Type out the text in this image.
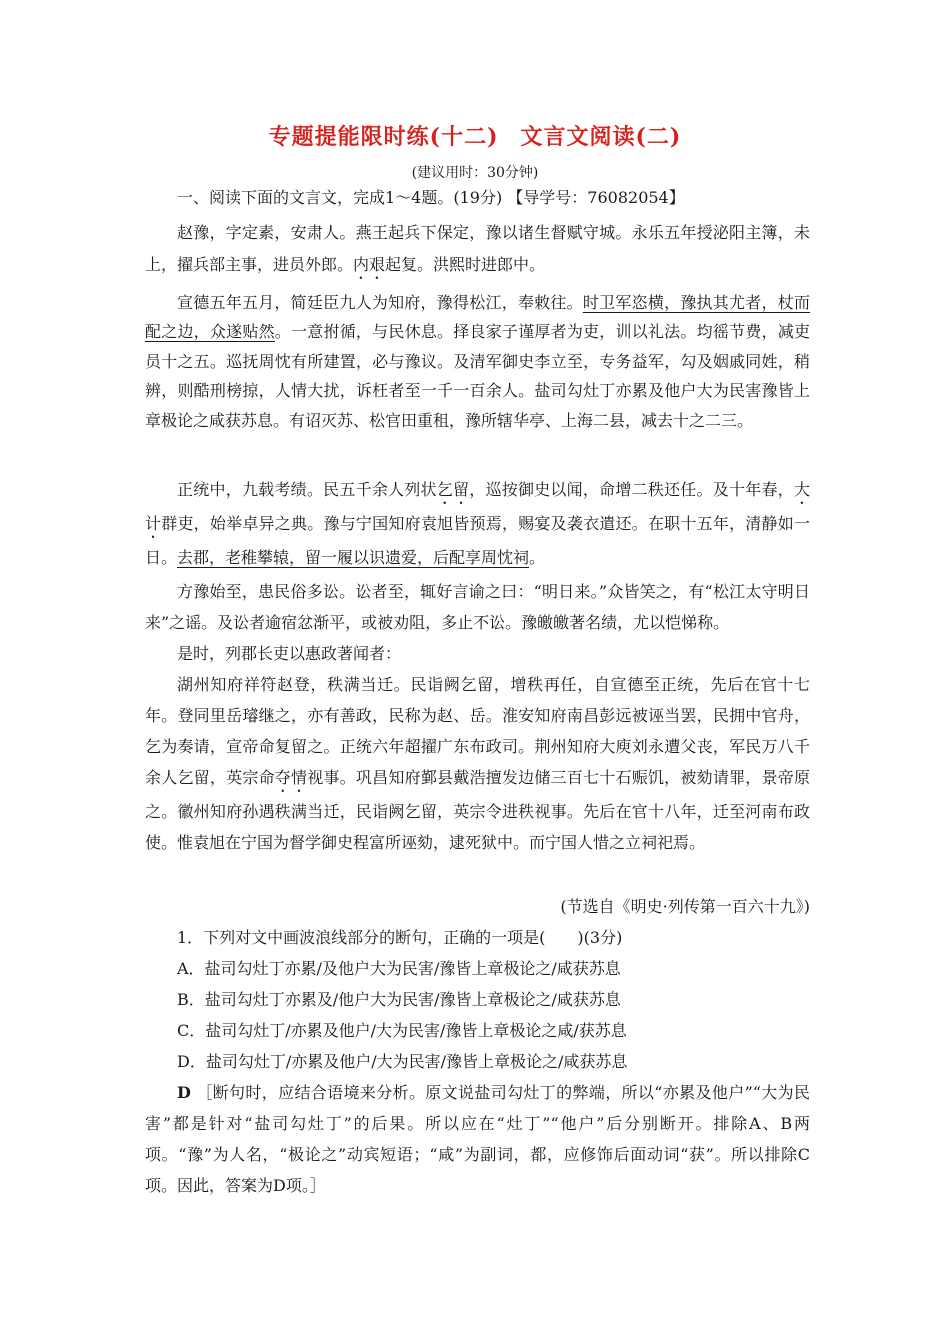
专题提能限时练(十二) 文言文阅读(二)
(建议用时：30分钟)

一、阅读下面的文言文，完成1～4题。(19分) 【导学号：76082054】

赵豫，字定素，安肃人。燕王起兵下保定，豫以诸生督赋守城。永乐五年授泌阳主簿，未上，擢兵部主事，进员外郎。内艰起复。洪熙时进郎中。

宣德五年五月，简廷臣九人为知府，豫得松江，奉敕往。时卫军恣横，豫执其尤者，杖而配之边，众遂贴然。一意拊循，与民休息。择良家子谨厚者为吏，训以礼法。均徭节费，减吏员十之五。巡抚周忱有所建置，必与豫议。及清军御史李立至，专务益军，勾及姻戚同姓，稍辨，则酷刑榜掠，人情大扰，诉枉者至一千一百余人。盐司勾灶丁亦累及他户大为民害豫皆上章极论之咸获苏息。有诏灭苏、松官田重租，豫所辖华亭、上海二县，减去十之二三。

正统中，九载考绩。民五千余人列状乞留，巡按御史以闻，命增二秩还任。及十年春，大计群吏，始举卓异之典。豫与宁国知府袁旭皆预焉，赐宴及袭衣遣还。在职十五年，清静如一日。去郡，老稚攀辕，留一履以识遗爱，后配享周忱祠。

方豫始至，患民俗多讼。讼者至，辄好言谕之曰：“明日来。”众皆笑之，有“松江太守明日来”之谣。及讼者逾宿忿渐平，或被劝阻，多止不讼。豫皦皦著名绩，尤以恺悌称。

是时，列郡长吏以惠政著闻者：

湖州知府祥符赵登，秩满当迁。民诣阙乞留，增秩再任，自宣德至正统，先后在官十七年。登同里岳璿继之，亦有善政，民称为赵、岳。淮安知府南昌彭远被诬当罢，民拥中官舟，乞为奏请，宣帝命复留之。正统六年超擢广东布政司。荆州知府大庾刘永遭父丧，军民万八千余人乞留，英宗命夺情视事。巩昌知府鄞县戴浩擅发边储三百七十石赈饥，被劾请罪，景帝原之。徽州知府孙遇秩满当迁，民诣阙乞留，英宗令进秩视事。先后在官十八年，迁至河南布政使。惟袁旭在宁国为督学御史程富所诬劾，逮死狱中。而宁国人惜之立祠祀焉。

(节选自《明史·列传第一百六十九》)

1．下列对文中画波浪线部分的断句，正确的一项是(　　)(3分)

A．盐司勾灶丁亦累/及他户大为民害/豫皆上章极论之/咸获苏息

B．盐司勾灶丁亦累及/他户大为民害/豫皆上章极论之/咸获苏息

C．盐司勾灶丁/亦累及他户/大为民害/豫皆上章极论之咸/获苏息

D．盐司勾灶丁/亦累及他户/大为民害/豫皆上章极论之/咸获苏息

D ［断句时，应结合语境来分析。原文说盐司勾灶丁的弊端，所以“亦累及他户”“大为民害”都是针对“盐司勾灶丁”的后果。所以应在“灶丁”“他户”后分别断开。排除A、B两项。“豫”为人名，“极论之”动宾短语；“咸”为副词，都，应修饰后面动词“获”。所以排除C项。因此，答案为D项。］
